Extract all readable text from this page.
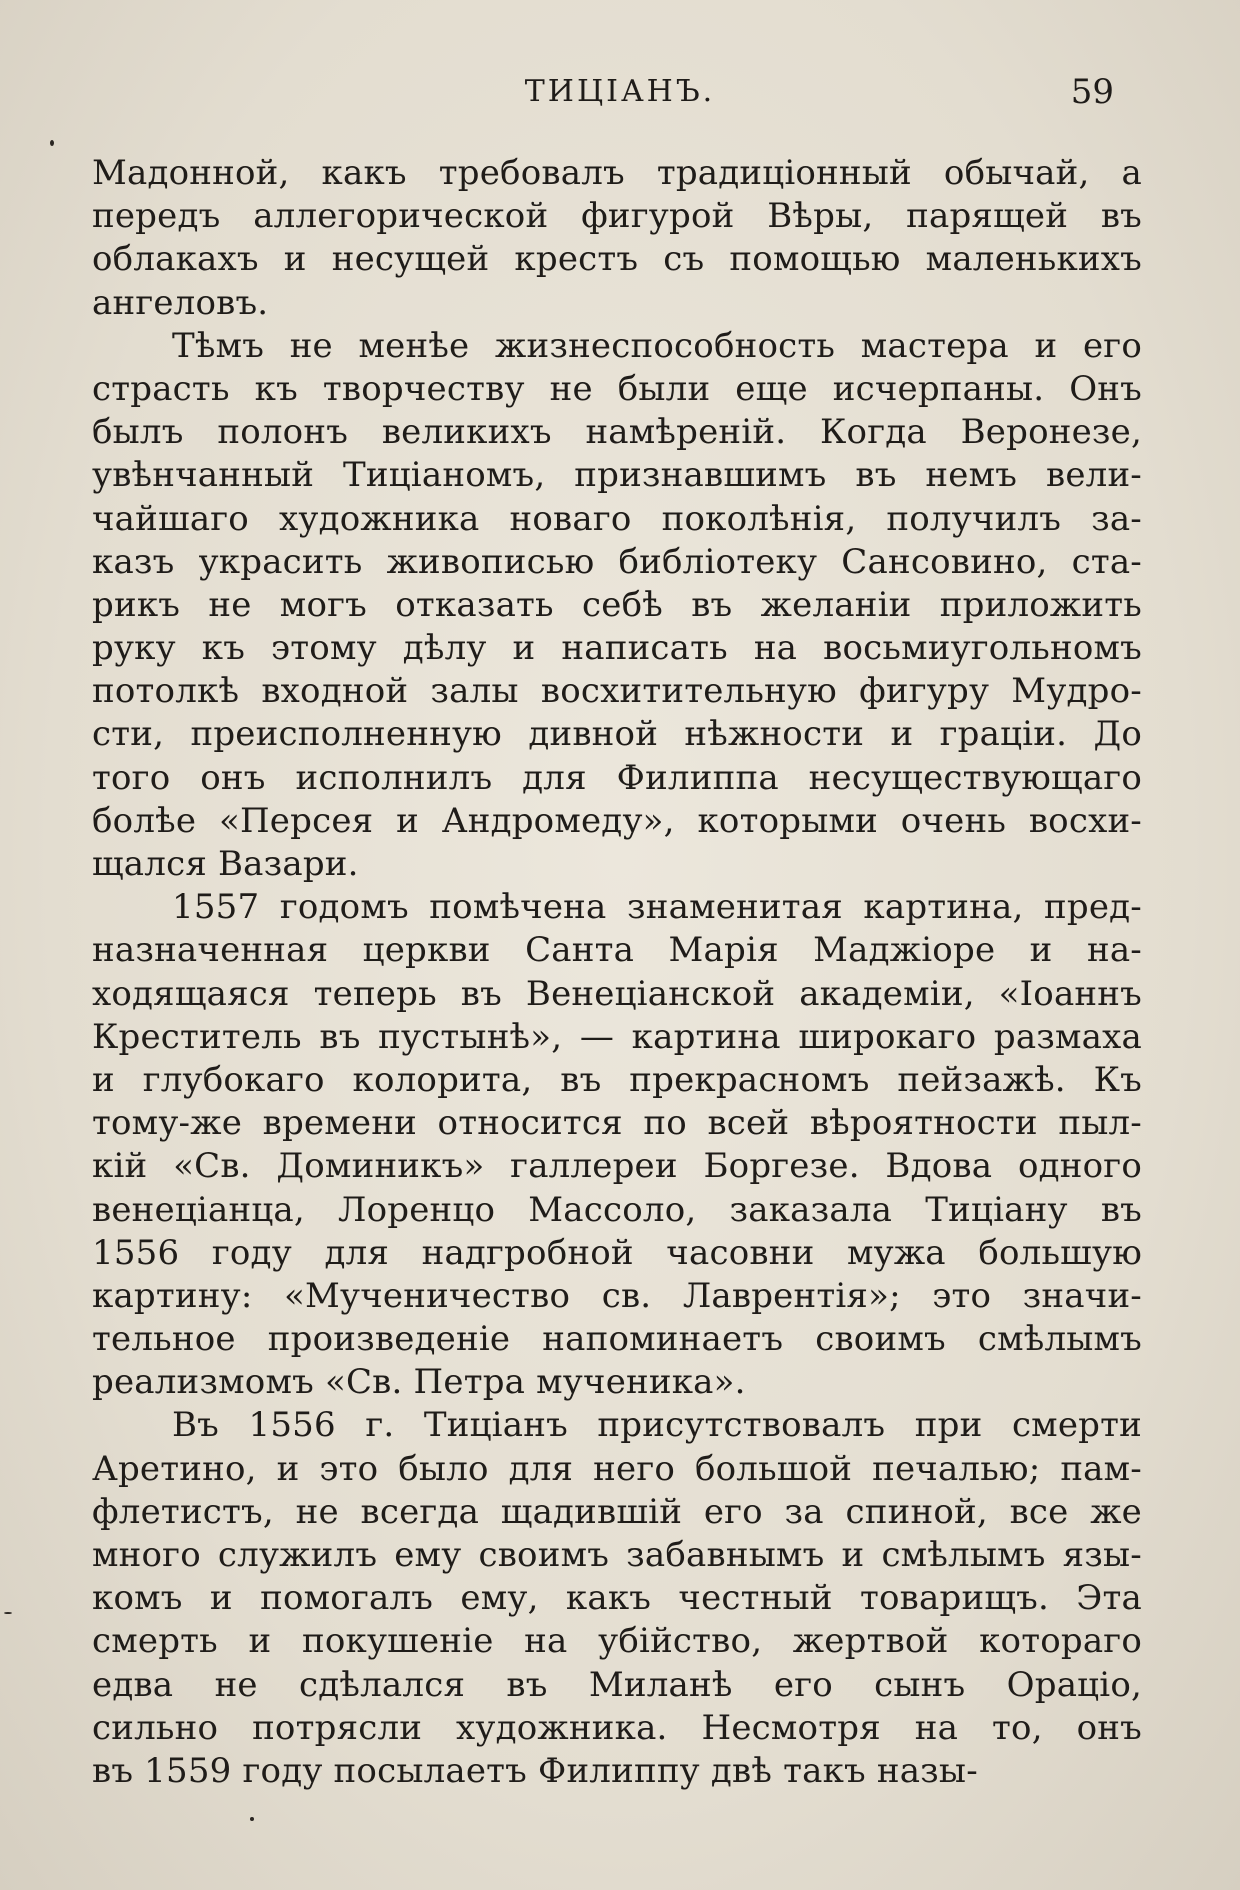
ТИЦІАНЪ.	59
Мадонной, какъ требовалъ традиціонный обычай, а
передъ аллегорической фигурой Вѣры, парящей въ
облакахъ и несущей крестъ съ помощью маленькихъ
ангеловъ.
Тѣмъ не менѣе жизнеспособность мастера и его
страсть къ творчеству не были еще исчерпаны. Онъ
былъ полонъ великихъ намѣреній. Когда Веронезе,
увѣнчанный Тиціаномъ, признавшимъ въ немъ вели-
чайшаго художника новаго поколѣнія, получилъ за-
казъ украсить живописью библіотеку Сансовино, ста-
рикъ не могъ отказать себѣ въ желаніи приложить
руку къ этому дѣлу и написать на восьмиугольномъ
потолкѣ входной залы восхитительную фигуру Мудро-
сти, преисполненную дивной нѣжности и граціи. До
того онъ исполнилъ для Филиппа несуществующаго
болѣе «Персея и Андромеду», которыми очень восхи-
щался Вазари.
1557 годомъ помѣчена знаменитая картина, пред-
назначенная церкви Санта Марія Маджіоре и на-
ходящаяся теперь въ Венеціанской академіи, «Іоаннъ
Креститель въ пустынѣ», — картина широкаго размаха
и глубокаго колорита, въ прекрасномъ пейзажѣ. Къ
тому-же времени относится по всей вѣроятности пыл-
кій «Св. Доминикъ» галлереи Боргезе. Вдова одного
венеціанца, Лоренцо Массоло, заказала Тиціану въ
1556 году для надгробной часовни мужа большую
картину: «Мученичество св. Лаврентія»; это значи-
тельное произведеніе напоминаетъ своимъ смѣлымъ
реализмомъ «Св. Петра мученика».
Въ 1556 г. Тиціанъ присутствовалъ при смерти
Аретино, и это было для него большой печалью; пам-
флетистъ, не всегда щадившій его за спиной, все же
много служилъ ему своимъ забавнымъ и смѣлымъ язы-
комъ и помогалъ ему, какъ честный товарищъ. Эта
смерть и покушеніе на убійство, жертвой котораго
едва не сдѣлался въ Миланѣ его сынъ Орацiо,
сильно потрясли художника. Несмотря на то, онъ
въ 1559 году посылаетъ Филиппу двѣ такъ назы-
